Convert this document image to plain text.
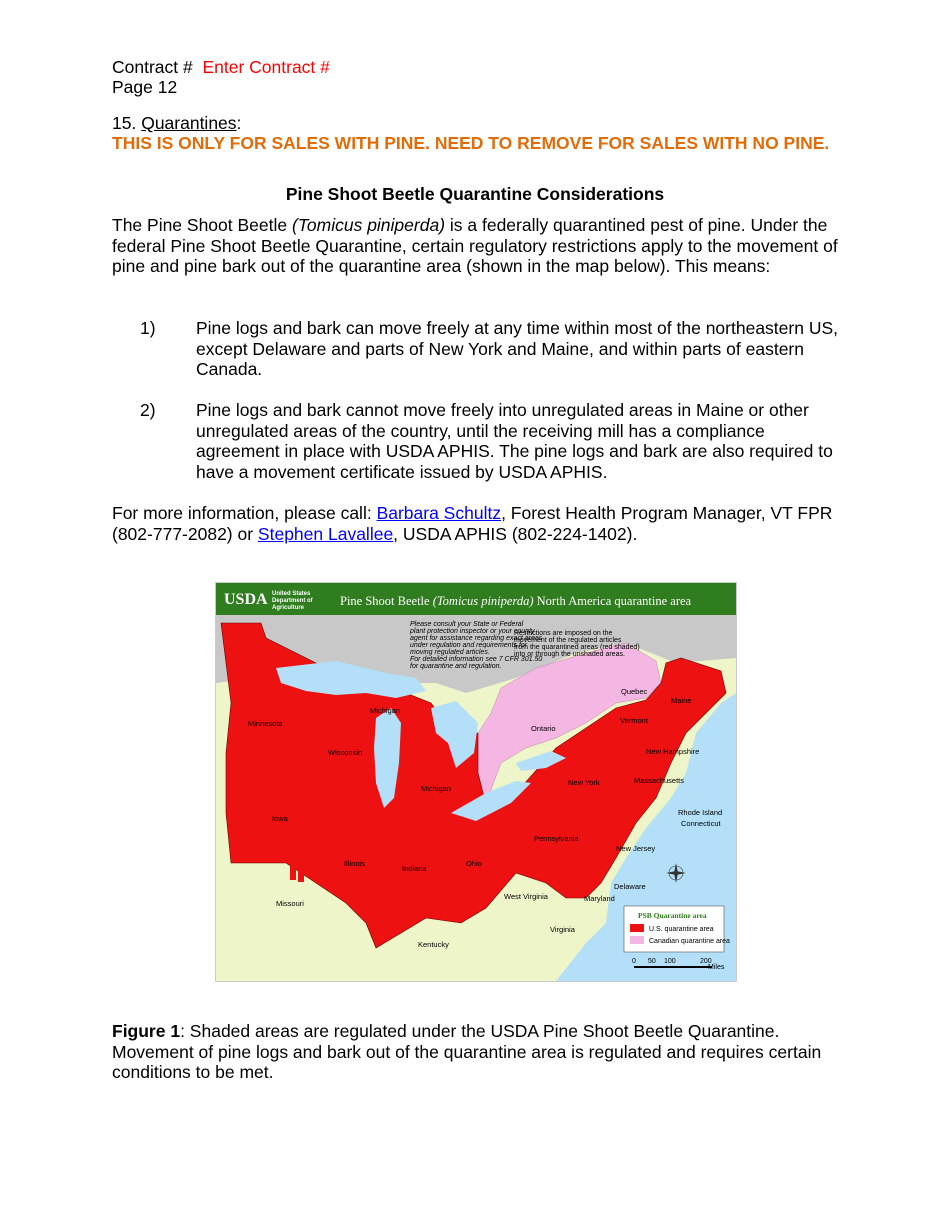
Contract # Enter Contract #
Page 12
15. Quarantines:
THIS IS ONLY FOR SALES WITH PINE. NEED TO REMOVE FOR SALES WITH NO PINE.
Pine Shoot Beetle Quarantine Considerations
The Pine Shoot Beetle (Tomicus piniperda) is a federally quarantined pest of pine. Under the federal Pine Shoot Beetle Quarantine, certain regulatory restrictions apply to the movement of pine and pine bark out of the quarantine area (shown in the map below). This means:
1) Pine logs and bark can move freely at any time within most of the northeastern US, except Delaware and parts of New York and Maine, and within parts of eastern Canada.
2) Pine logs and bark cannot move freely into unregulated areas in Maine or other unregulated areas of the country, until the receiving mill has a compliance agreement in place with USDA APHIS. The pine logs and bark are also required to have a movement certificate issued by USDA APHIS.
For more information, please call: Barbara Schultz, Forest Health Program Manager, VT FPR (802-777-2082) or Stephen Lavallee, USDA APHIS (802-224-1402).
USDA United States
Department of
Agriculture	Pine Shoot Beetle (Tomicus piniperda) North America quarantine area
Please consult your State or Federal
plant protection inspector or your county
agent for assistance regarding exact areas
under regulation and requirements for
moving regulated articles.
For detailed information see 7 CFR 301.50
for quarantine and regulation.
Restrictions are imposed on the
movement of the regulated articles
from the quarantined areas (red shaded)
into or through the unshaded areas.
Minnesota
Wisconsin
Michigan
Michigan
Iowa
Illinois
Indiana
Ohio
Pennsylvania
New York
Vermont
New Hampshire
Maine
Massachusetts
Rhode Island
Connecticut
New Jersey
Delaware
Maryland
West Virginia
Virginia
Kentucky
Missouri
Quebec
Ontario
PSB Quarantine area
U.S. quarantine area
Canadian quarantine area
0 50 100	200
Miles
Figure 1: Shaded areas are regulated under the USDA Pine Shoot Beetle Quarantine. Movement of pine logs and bark out of the quarantine area is regulated and requires certain conditions to be met.
